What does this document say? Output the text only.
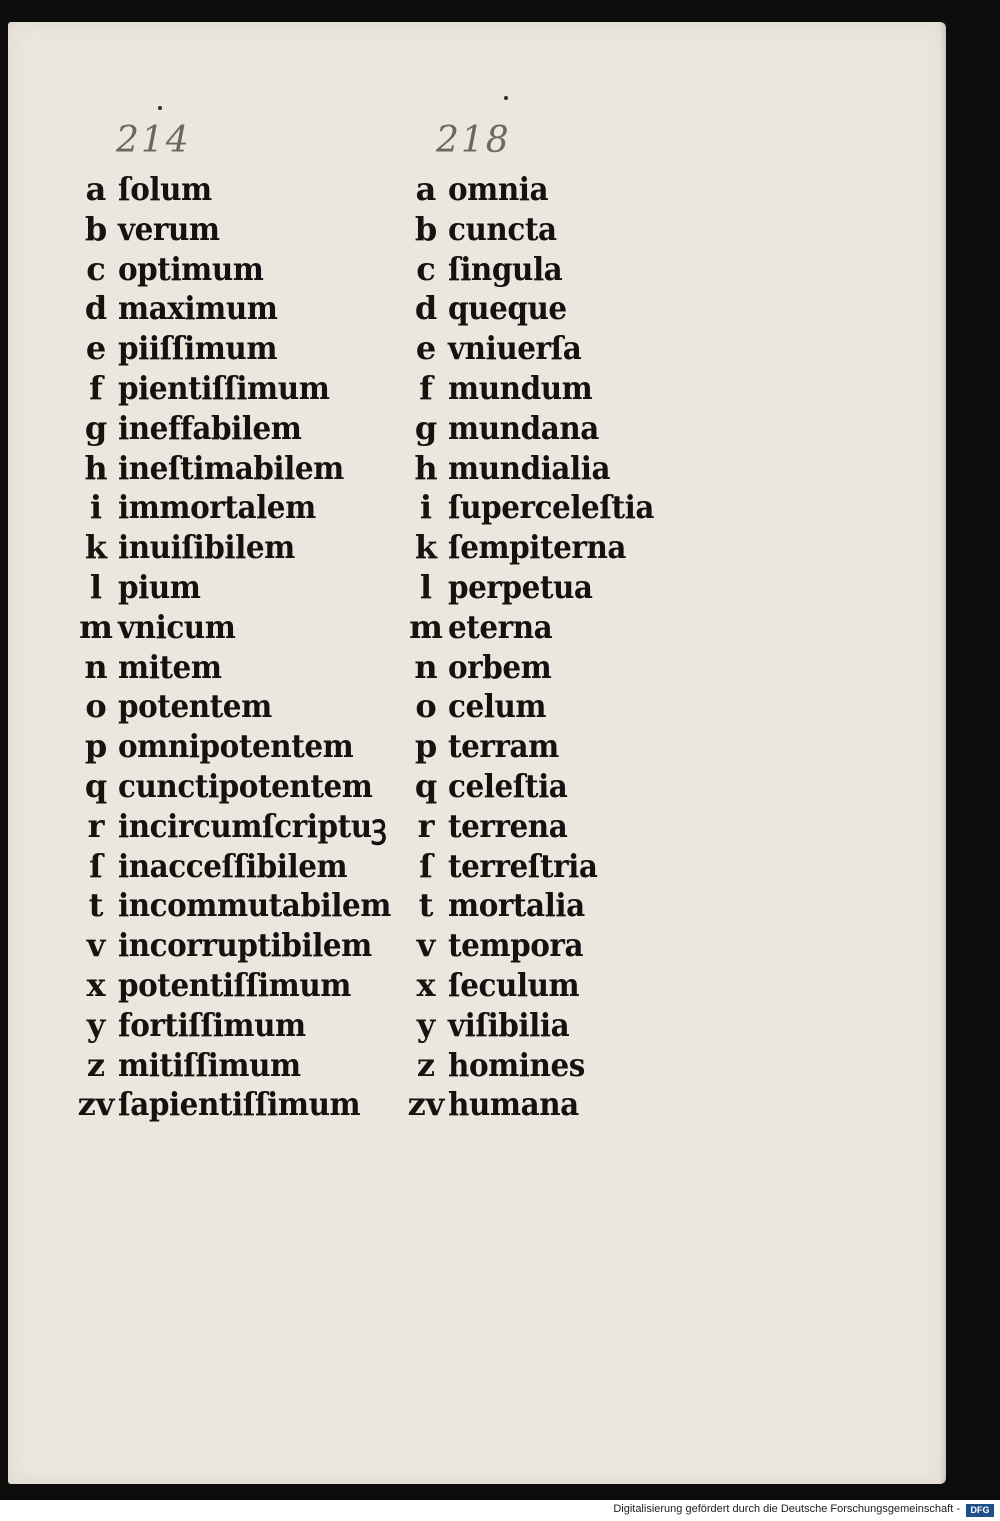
214	218
a ſolum
b verum
c optimum
d maximum
e piiſſimum
f pientiſſimum
g ineffabilem
h ineſtimabilem
i immortalem
k inuiſibilem
l pium
m vnicum
n mitem
o potentem
p omnipotentem
q cunctipotentem
r incircumſcriptuꝫ
ſ inacceſſibilem
t incommutabilem
v incorruptibilem
x potentiſſimum
y fortiſſimum
z mitiſſimum
zv ſapientiſſimum
a omnia
b cuncta
c ſingula
d queque
e vniuerſa
f mundum
g mundana
h mundialia
i ſuperceleſtia
k ſempiterna
l perpetua
m eterna
n orbem
o celum
p terram
q celeſtia
r terrena
ſ terreſtria
t mortalia
v tempora
x ſeculum
y viſibilia
z homines
zv humana
Digitalisierung gefördert durch die Deutsche Forschungsgemeinschaft -	DFG
